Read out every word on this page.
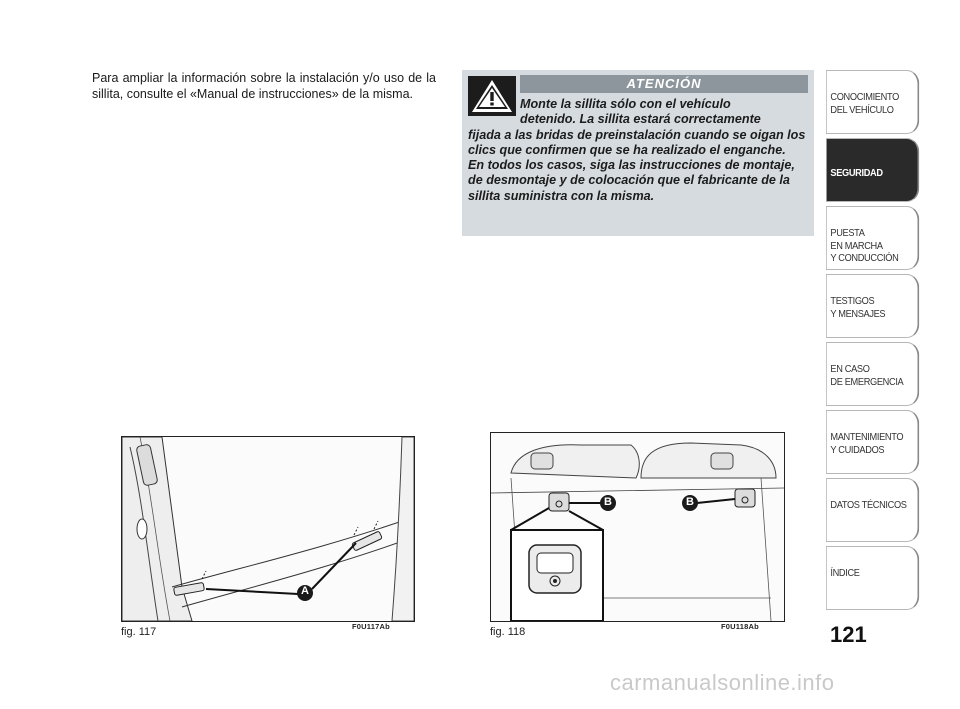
Para ampliar la información sobre la instalación y/o uso de la sillita, consulte el «Manual de instrucciones» de la misma.
ATENCIÓN
Monte la sillita sólo con el vehículo
detenido. La sillita estará correctamente
fijada a las bridas de preinstalación cuando se oigan los clics que confirmen que se ha realizado el enganche.
En todos los casos, siga las instrucciones de montaje, de desmontaje y de colocación que el fabricante de la sillita suministra con la misma.
A
fig. 117	F0U117Ab
B	B
fig. 118	F0U118Ab
CONOCIMIENTO
DEL VEHÍCULO
SEGURIDAD
PUESTA
EN MARCHA
Y CONDUCCIÓN
TESTIGOS
Y MENSAJES
EN CASO
DE EMERGENCIA
MANTENIMIENTO
Y CUIDADOS
DATOS TÉCNICOS
ÍNDICE
121
carmanualsonline.info
